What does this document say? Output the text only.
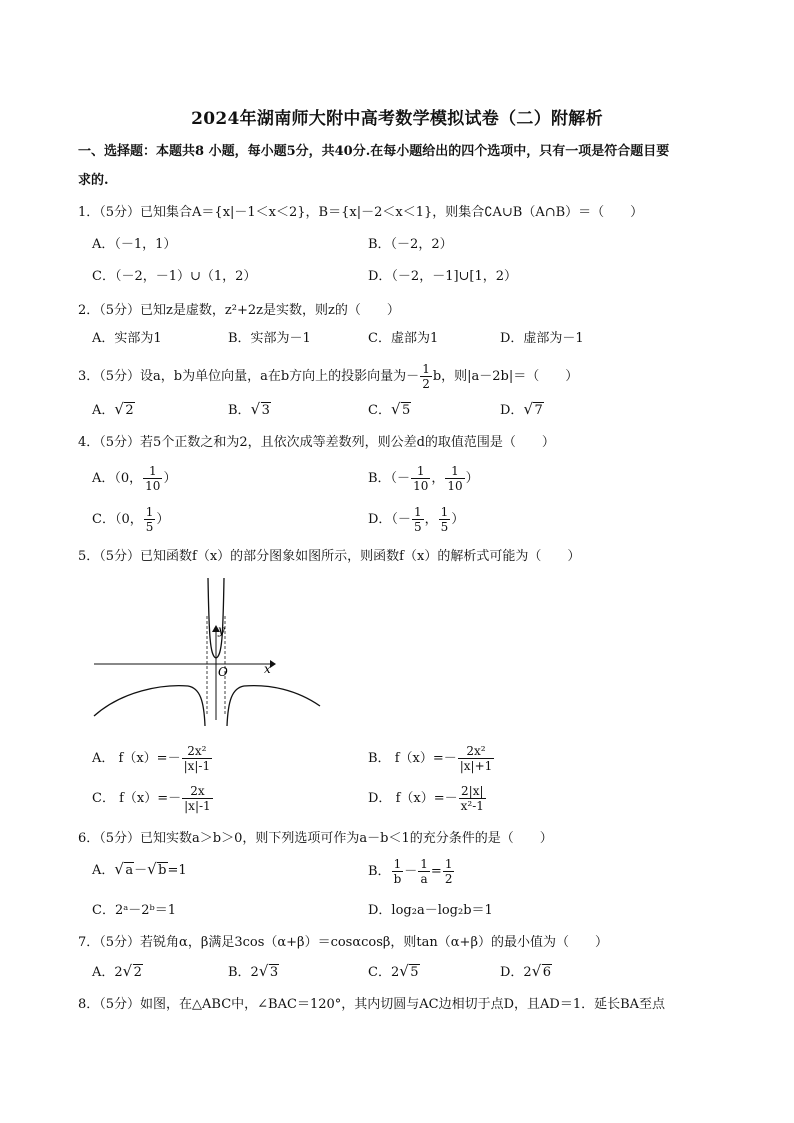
2024年湖南师大附中高考数学模拟试卷（二）附解析
一、选择题：本题共8 小题，每小题5分，共40分.在每小题给出的四个选项中，只有一项是符合题目要
求的.
1．（5分）已知集合A＝{x|－1＜x＜2}，B＝{x|－2＜x＜1}，则集合∁A∪B（A∩B）＝（　　）
A．（－1，1）	B．（－2，2）
C．（－2，－1）∪（1，2）	D．（－2，－1]∪[1，2）
2．（5分）已知z是虚数，z²+2z是实数，则z的（　　）
A．实部为1	B．实部为－1	C．虚部为1	D．虚部为－1
3．（5分）设a，b为单位向量，a在b方向上的投影向量为－ $\frac{1}{2}$ b，则|a－2b|＝（　　）
A． √ 2	B． √ 3	C． √ 5	D． √ 7
4．（5分）若5个正数之和为2，且依次成等差数列，则公差d的取值范围是（　　）
A．（0， $\frac{1}{10}$ ）	B．（－ $\frac{1}{10}$ ， $\frac{1}{10}$ ）
C．（0， $\frac{1}{5}$ ）	D．（－ $\frac{1}{5}$ ， $\frac{1}{5}$ ）
5．（5分）已知函数f（x）的部分图象如图所示，则函数f（x）的解析式可能为（　　）
y
O	x
A． $f(x)=- \frac{\text{2x²}}{|x|-1}$	B． $f(x)=- \frac{\text{2x²}}{|x|+1}$
C． $f(x)=- \frac{2x}{|x|-1}$	D． $f(x)=- \frac{2|x|}{\text{x²-1}}$
6．（5分）已知实数a＞b＞0，则下列选项可作为a－b＜1的充分条件的是（　　）
A． √ a－ √ b=1	B． $\frac{1}{b} - \frac{1}{a} = \frac{1}{2}$
C．2ᵃ－2ᵇ＝1	D．log₂a－log₂b＝1
7．（5分）若锐角α，β满足3cos（α+β）＝cosαcosβ，则tan（α+β）的最小值为（　　）
A．2 √ 2	B．2 √ 3	C．2 √ 5	D．2 √ 6
8．（5分）如图，在△ABC中，∠BAC＝120°，其内切圆与AC边相切于点D，且AD＝1．延长BA至点
